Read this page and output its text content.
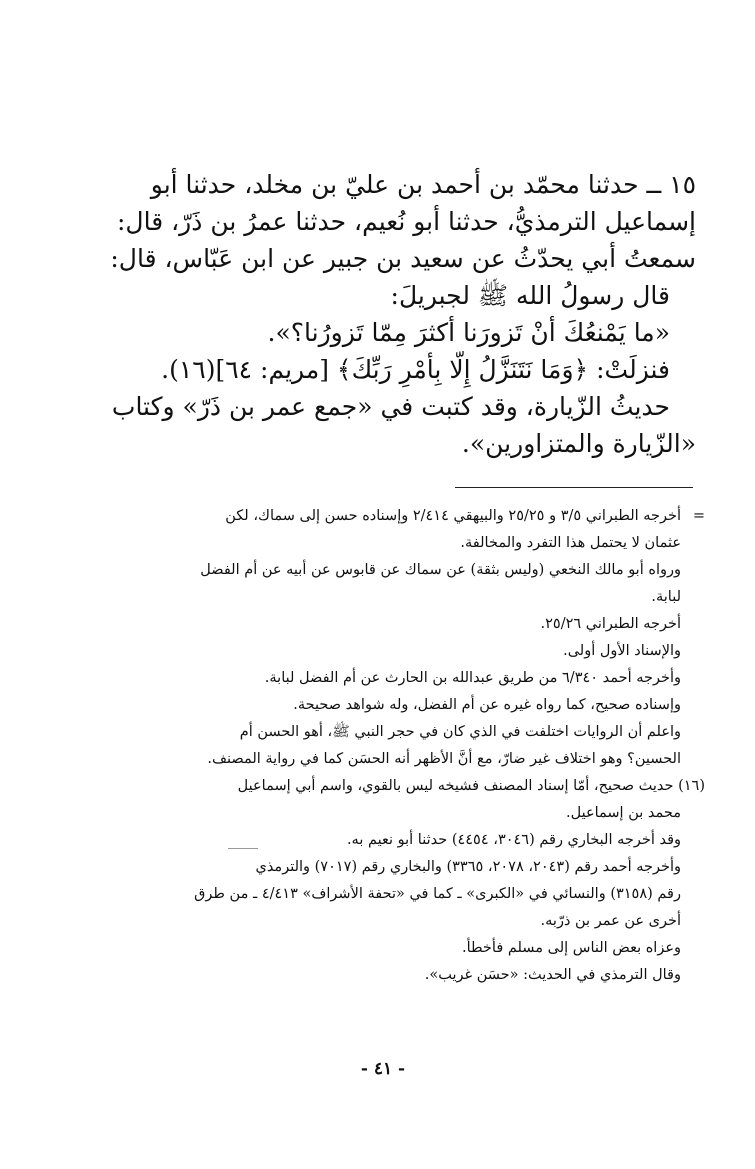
١٥ ــ حدثنا محمّد بن أحمد بن عليّ بن مخلد، حدثنا أبو

إسماعيل الترمذيُّ، حدثنا أبو نُعيم، حدثنا عمرُ بن ذَرّ، قال:

سمعتُ أبي يحدّثُ عن سعيد بن جبير عن ابن عَبّاس، قال:

قال رسولُ الله ﷺ لجبريلَ:

«ما يَمْنعُكَ أنْ تَزورَنا أكثرَ مِمّا تَزورُنا؟».

فنزلَتْ: ﴿وَمَا نَتَنَزَّلُ إِلَّا بِأَمْرِ رَبِّكَ﴾ [مريم: ٦٤](١٦).

حديثُ الزّيارة، وقد كتبت في «جمع عمر بن ذَرّ» وكتاب

«الزّيارة والمتزاورين».

=أخرجه الطبراني ٣/٥ و ٢٥/٢٥ والبيهقي ٢/٤١٤ وإسناده حسن إلى سماك، لكن

عثمان لا يحتمل هذا التفرد والمخالفة.

ورواه أبو مالك النخعي (وليس بثقة) عن سماك عن قابوس عن أبيه عن أم الفضل

لبابة.

أخرجه الطبراني ٢٥/٢٦.

والإسناد الأول أولى.

وأخرجه أحمد ٦/٣٤٠ من طريق عبدالله بن الحارث عن أم الفضل لبابة.

وإسناده صحيح، كما رواه غيره عن أم الفضل، وله شواهد صحيحة.

واعلم أن الروايات اختلفت في الذي كان في حجر النبي ﷺ، أهو الحسن أم

الحسين؟ وهو اختلاف غير ضارّ، مع أنَّ الأظهر أنه الحسَن كما في رواية المصنف.

(١٦) حديث صحيح، أمّا إسناد المصنف فشيخه ليس بالقوي، واسم أبي إسماعيل

محمد بن إسماعيل.

وقد أخرجه البخاري رقم (٣٠٤٦، ٤٤٥٤) حدثنا أبو نعيم به.

وأخرجه أحمد رقم (٢٠٤٣، ٢٠٧٨، ٣٣٦٥) والبخاري رقم (٧٠١٧) والترمذي

رقم (٣١٥٨) والنسائي في «الكبرى» ـ كما في «تحفة الأشراف» ٤/٤١٣ ـ من طرق

أخرى عن عمر بن ذرّبه.

وعزاه بعض الناس إلى مسلم فأخطأ.

وقال الترمذي في الحديث: «حسَن غريب».

- ٤١ -
